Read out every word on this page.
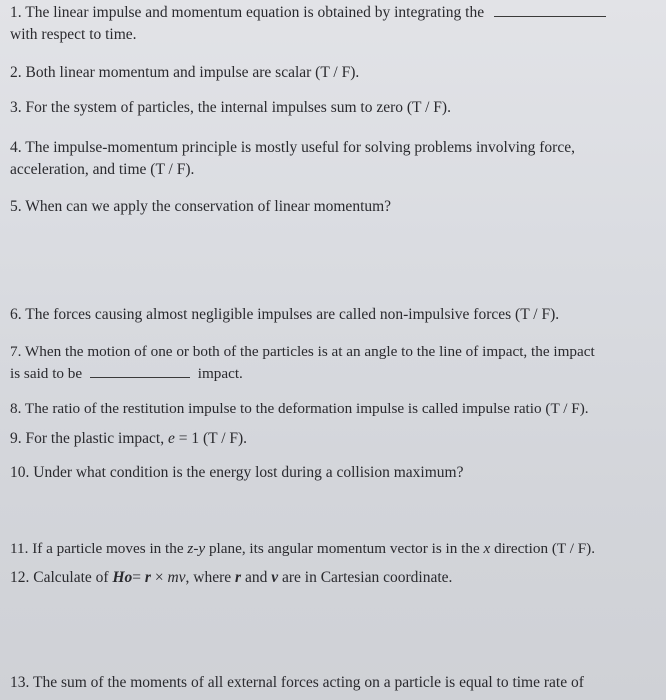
1. The linear impulse and momentum equation is obtained by integrating the
with respect to time.
2. Both linear momentum and impulse are scalar (T / F).
3. For the system of particles, the internal impulses sum to zero (T / F).
4. The impulse-momentum principle is mostly useful for solving problems involving force,
acceleration, and time (T / F).
5. When can we apply the conservation of linear momentum?
6. The forces causing almost negligible impulses are called non-impulsive forces (T / F).
7. When the motion of one or both of the particles is at an angle to the line of impact, the impact
is said to be	impact.
8. The ratio of the restitution impulse to the deformation impulse is called impulse ratio (T / F).
9. For the plastic impact, e = 1 (T / F).
10. Under what condition is the energy lost during a collision maximum?
11. If a particle moves in the z-y plane, its angular momentum vector is in the x direction (T / F).
12. Calculate of Ho= r × mv, where r and v are in Cartesian coordinate.
13. The sum of the moments of all external forces acting on a particle is equal to time rate of
